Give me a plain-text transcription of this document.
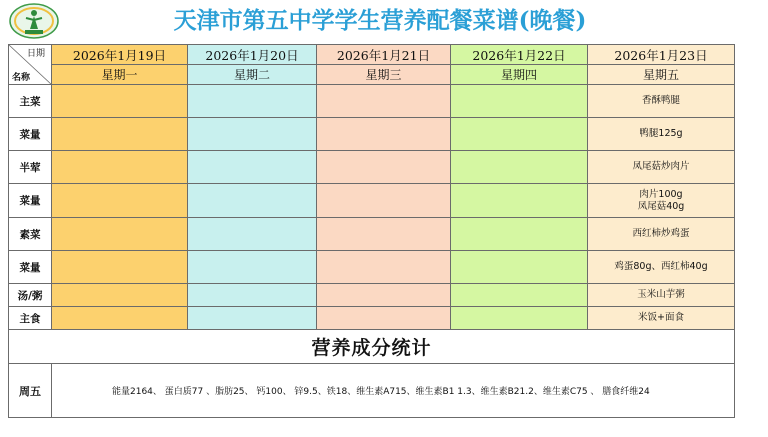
天津市第五中学学生营养配餐菜谱(晚餐)
日期
名称	2026年1月19日	2026年1月20日	2026年1月21日	2026年1月22日	2026年1月23日
	星期一	星期二	星期三	星期四	星期五
主菜					香酥鸭腿
菜量					鸭腿125g
半荤					凤尾菇炒肉片
菜量					肉片100g
凤尾菇40g
素菜					西红柿炒鸡蛋
菜量					鸡蛋80g、西红柿40g
汤/粥					玉米山芋粥
主食					米饭+面食
营养成分统计					
周五	能量2164、 蛋白质77 、脂肪25、 钙100、 锌9.5、铁18、维生素A715、维生素B1 1.3、维生素B21.2、维生素C75 、 膳食纤维24				
